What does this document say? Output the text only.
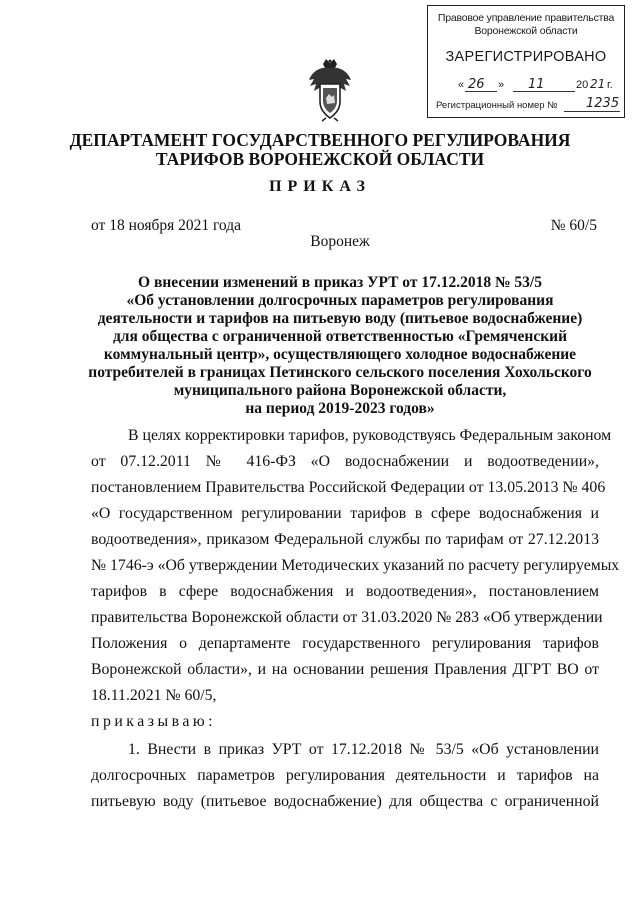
Правовое управление правительства
Воронежской области
ЗАРЕГИСТРИРОВАНО
« 26 » 11	20 21 г.
Регистрационный номер № 1235
ДЕПАРТАМЕНТ ГОСУДАРСТВЕННОГО РЕГУЛИРОВАНИЯ
ТАРИФОВ ВОРОНЕЖСКОЙ ОБЛАСТИ
ПРИКАЗ
от 18 ноября 2021 года	№ 60/5
Воронеж
О внесении изменений в приказ УРТ от 17.12.2018 № 53/5
«Об установлении долгосрочных параметров регулирования
деятельности и тарифов на питьевую воду (питьевое водоснабжение)
для общества с ограниченной ответственностью «Гремяченский
коммунальный центр», осуществляющего холодное водоснабжение
потребителей в границах Петинского сельского поселения Хохольского
муниципального района Воронежской области,
на период 2019-2023 годов»
В целях корректировки тарифов, руководствуясь Федеральным законом
от 07.12.2011 № 416-ФЗ «О водоснабжении и водоотведении»,
постановлением Правительства Российской Федерации от 13.05.2013 № 406
«О государственном регулировании тарифов в сфере водоснабжения и
водоотведения», приказом Федеральной службы по тарифам от 27.12.2013
№ 1746-э «Об утверждении Методических указаний по расчету регулируемых
тарифов в сфере водоснабжения и водоотведения», постановлением
правительства Воронежской области от 31.03.2020 № 283 «Об утверждении
Положения о департаменте государственного регулирования тарифов
Воронежской области», и на основании решения Правления ДГРТ ВО от
18.11.2021 № 60/5,
приказываю:
1. Внести в приказ УРТ от 17.12.2018 № 53/5 «Об установлении
долгосрочных параметров регулирования деятельности и тарифов на
питьевую воду (питьевое водоснабжение) для общества с ограниченной
